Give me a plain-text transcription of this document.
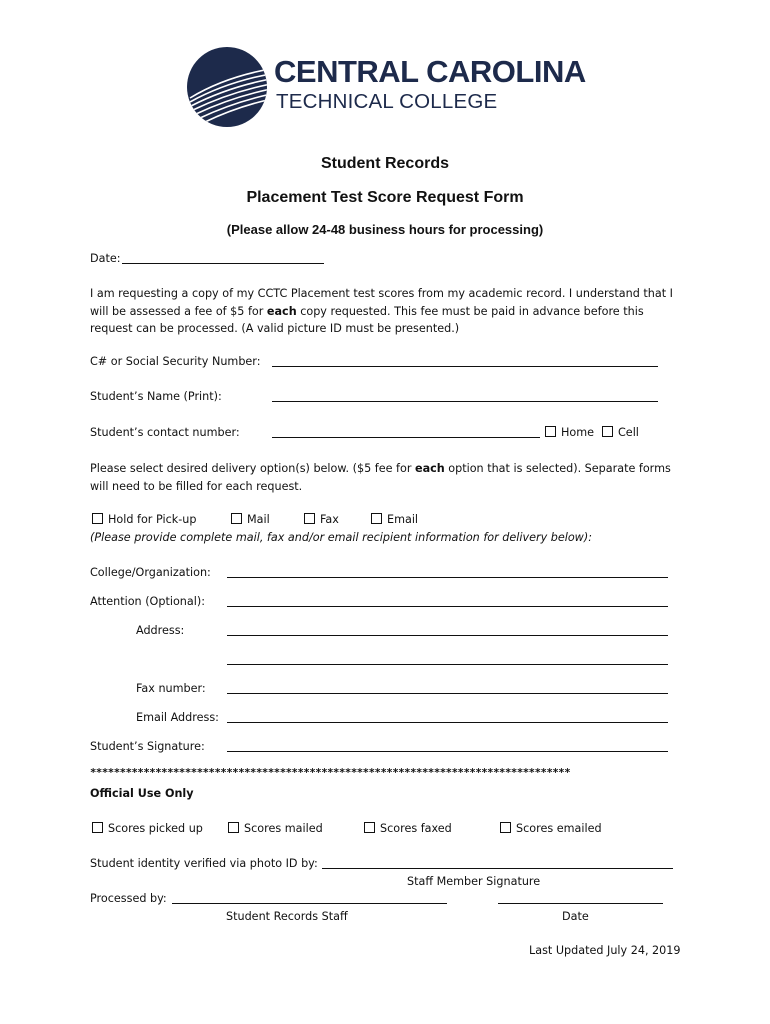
CENTRAL CAROLINA
TECHNICAL COLLEGE
Student Records
Placement Test Score Request Form
(Please allow 24-48 business hours for processing)
Date:
I am requesting a copy of my CCTC Placement test scores from my academic record. I understand that I will be assessed a fee of $5 for each copy requested. This fee must be paid in advance before this request can be processed. (A valid picture ID must be presented.)
C# or Social Security Number:
Student’s Name (Print):
Student’s contact number:	Home	Cell
Please select desired delivery option(s) below. ($5 fee for each option that is selected). Separate forms will need to be filled for each request.
Hold for Pick-up	Mail	Fax	Email
(Please provide complete mail, fax and/or email recipient information for delivery below):
College/Organization:
Attention (Optional):
Address:
Fax number:
Email Address:
Student’s Signature:
*********************************************************************************
Official Use Only
Scores picked up	Scores mailed	Scores faxed	Scores emailed
Student identity verified via photo ID by:
Staff Member Signature
Processed by:
Student Records Staff	Date
Last Updated July 24, 2019
